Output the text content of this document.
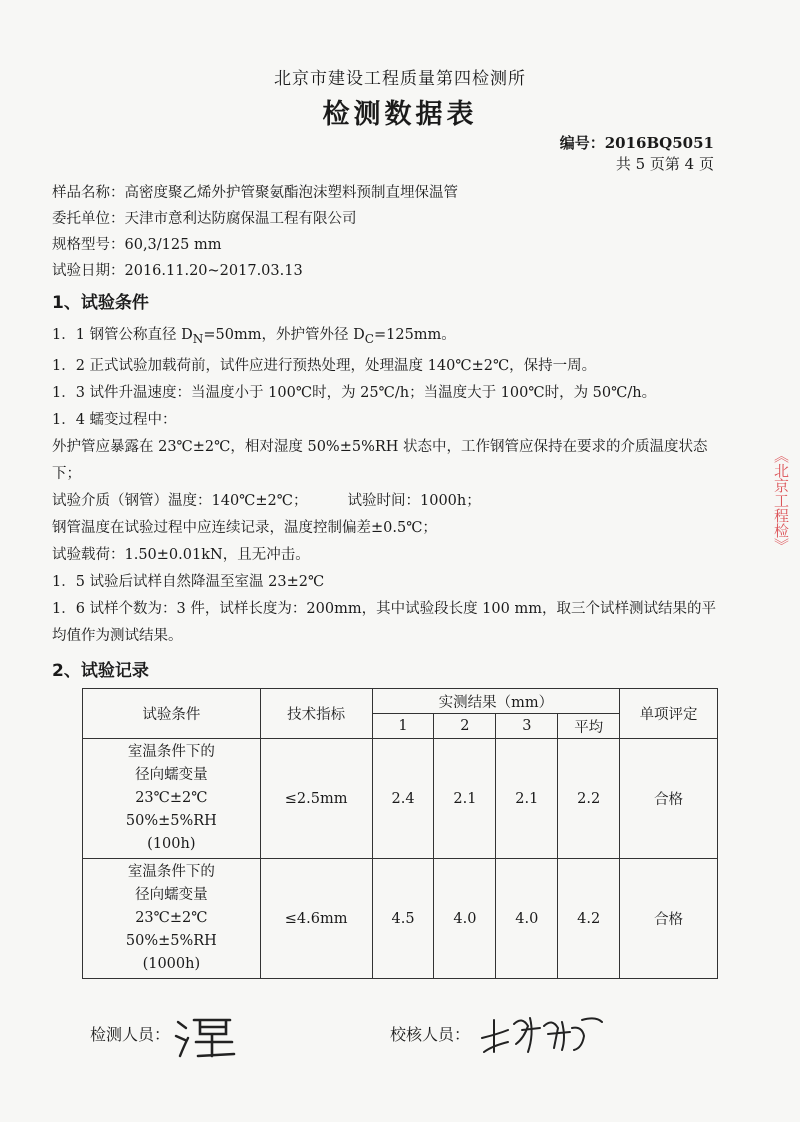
北京市建设工程质量第四检测所
检测数据表
编号：2016BQ5051
共 5 页第 4 页
样品名称：高密度聚乙烯外护管聚氨酯泡沫塑料预制直埋保温管
委托单位：天津市意利达防腐保温工程有限公司
规格型号：60,3/125 mm
试验日期：2016.11.20~2017.03.13
1、试验条件

1．1 钢管公称直径 $D_N=50mm$，外护管外径 $D_C=125mm$。

1．2 正式试验加载荷前，试件应进行预热处理，处理温度 140℃±2℃，保持一周。

1．3 试件升温速度：当温度小于 100℃时，为 25℃/h；当温度大于 100℃时，为 50℃/h。

1．4 蠕变过程中：

外护管应暴露在 23℃±2℃，相对湿度 50%±5%RH 状态中，工作钢管应保持在要求的介质温度状态下；

试验介质（钢管）温度：140℃±2℃；	试验时间：1000h；

钢管温度在试验过程中应连续记录，温度控制偏差±0.5℃；

试验载荷：1.50±0.01kN，且无冲击。

1．5 试验后试样自然降温至室温 23±2℃

1．6 试样个数为：3 件，试样长度为：200mm，其中试验段长度 100 mm，取三个试样测试结果的平均值作为测试结果。

2、试验记录
试验条件	技术指标	实测结果（mm）				单项评定
		1	2	3	平均	

室温条件下的
径向蠕变量
23℃±2℃
50%±5%RH
(100h)	≤2.5mm	2.4	2.1	2.1	2.2	合格

室温条件下的
径向蠕变量
23℃±2℃
50%±5%RH
(1000h)	≤4.6mm	4.5	4.0	4.0	4.2	合格
检测人员：	校核人员：
《北京工程检》
